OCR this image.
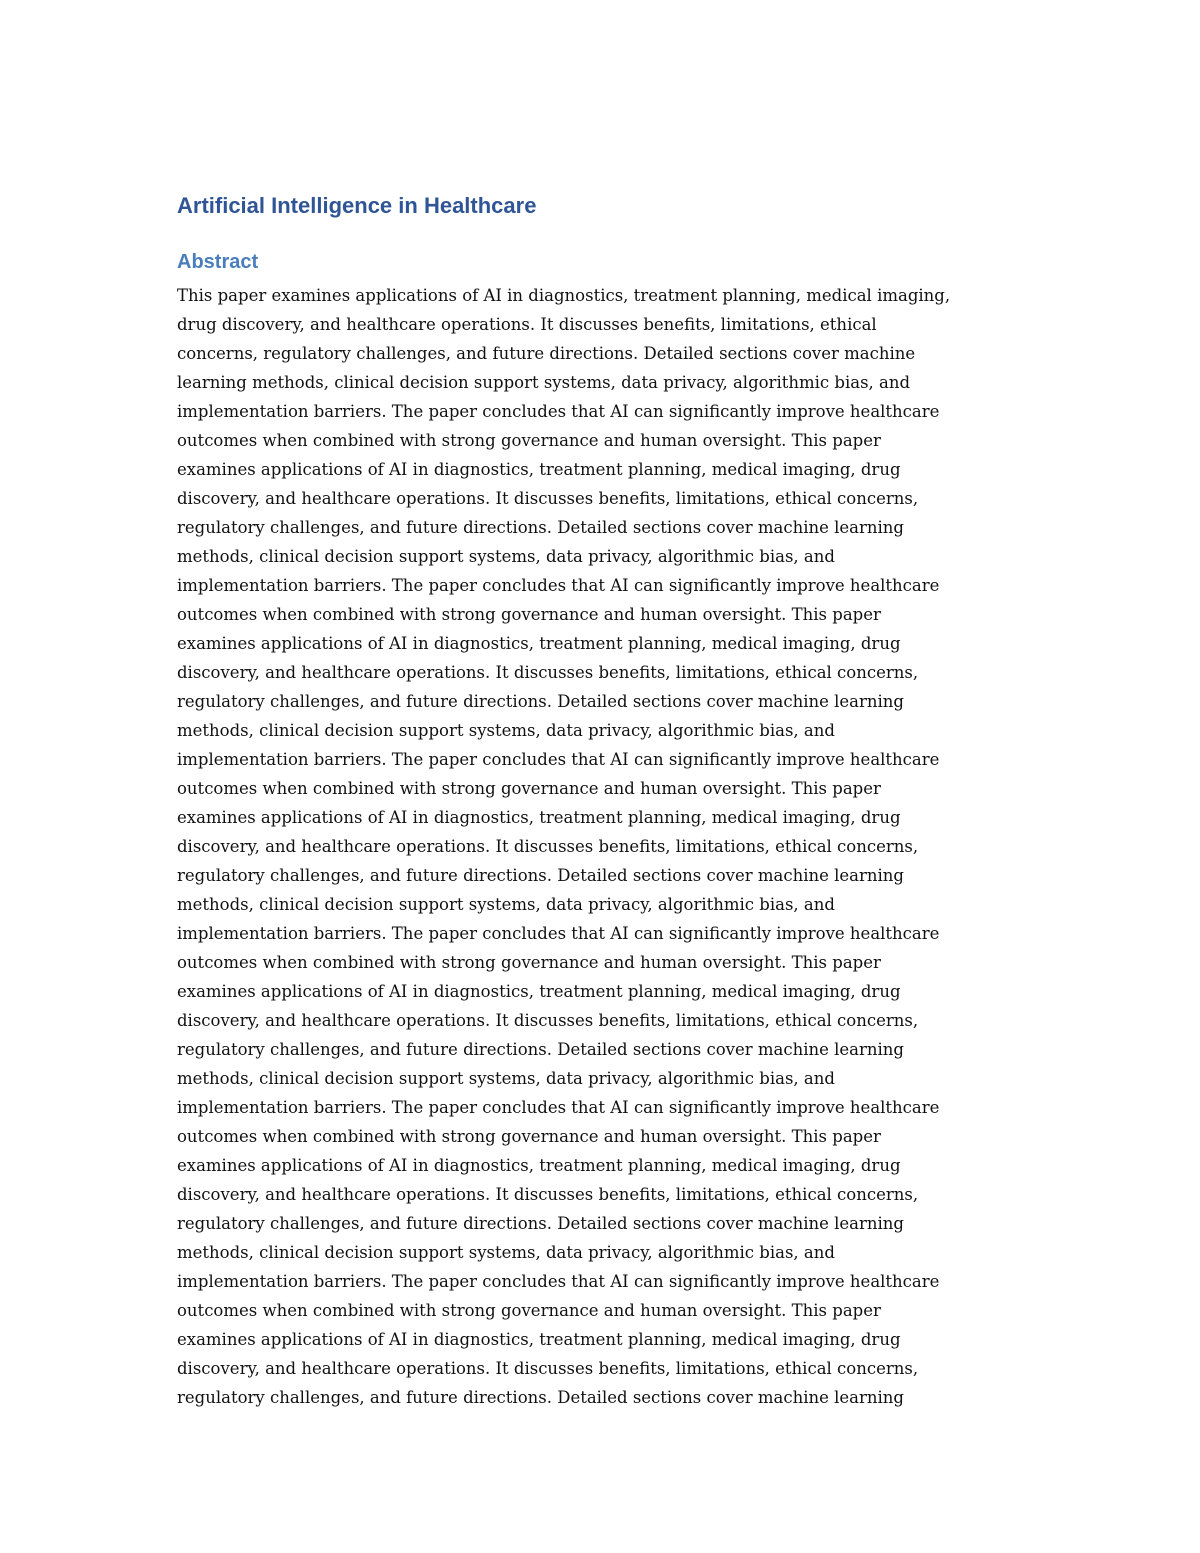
Artificial Intelligence in Healthcare
Abstract
This paper examines applications of AI in diagnostics, treatment planning, medical imaging,
drug discovery, and healthcare operations. It discusses benefits, limitations, ethical
concerns, regulatory challenges, and future directions. Detailed sections cover machine
learning methods, clinical decision support systems, data privacy, algorithmic bias, and
implementation barriers. The paper concludes that AI can significantly improve healthcare
outcomes when combined with strong governance and human oversight. This paper
examines applications of AI in diagnostics, treatment planning, medical imaging, drug
discovery, and healthcare operations. It discusses benefits, limitations, ethical concerns,
regulatory challenges, and future directions. Detailed sections cover machine learning
methods, clinical decision support systems, data privacy, algorithmic bias, and
implementation barriers. The paper concludes that AI can significantly improve healthcare
outcomes when combined with strong governance and human oversight. This paper
examines applications of AI in diagnostics, treatment planning, medical imaging, drug
discovery, and healthcare operations. It discusses benefits, limitations, ethical concerns,
regulatory challenges, and future directions. Detailed sections cover machine learning
methods, clinical decision support systems, data privacy, algorithmic bias, and
implementation barriers. The paper concludes that AI can significantly improve healthcare
outcomes when combined with strong governance and human oversight. This paper
examines applications of AI in diagnostics, treatment planning, medical imaging, drug
discovery, and healthcare operations. It discusses benefits, limitations, ethical concerns,
regulatory challenges, and future directions. Detailed sections cover machine learning
methods, clinical decision support systems, data privacy, algorithmic bias, and
implementation barriers. The paper concludes that AI can significantly improve healthcare
outcomes when combined with strong governance and human oversight. This paper
examines applications of AI in diagnostics, treatment planning, medical imaging, drug
discovery, and healthcare operations. It discusses benefits, limitations, ethical concerns,
regulatory challenges, and future directions. Detailed sections cover machine learning
methods, clinical decision support systems, data privacy, algorithmic bias, and
implementation barriers. The paper concludes that AI can significantly improve healthcare
outcomes when combined with strong governance and human oversight. This paper
examines applications of AI in diagnostics, treatment planning, medical imaging, drug
discovery, and healthcare operations. It discusses benefits, limitations, ethical concerns,
regulatory challenges, and future directions. Detailed sections cover machine learning
methods, clinical decision support systems, data privacy, algorithmic bias, and
implementation barriers. The paper concludes that AI can significantly improve healthcare
outcomes when combined with strong governance and human oversight. This paper
examines applications of AI in diagnostics, treatment planning, medical imaging, drug
discovery, and healthcare operations. It discusses benefits, limitations, ethical concerns,
regulatory challenges, and future directions. Detailed sections cover machine learning
